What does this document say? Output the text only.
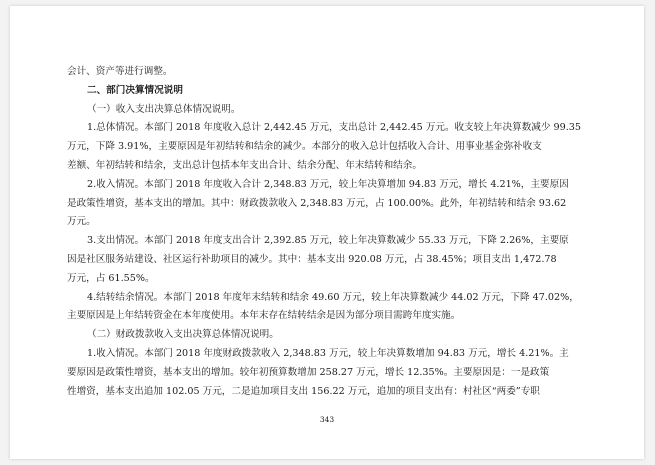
会计、资产等进行调整。
二、部门决算情况说明
（一）收入支出决算总体情况说明。
1.总体情况。本部门 2018 年度收入总计 2,442.45 万元，支出总计 2,442.45 万元。收支较上年决算数减少 99.35
万元，下降 3.91%，主要原因是年初结转和结余的减少。本部分的收入总计包括收入合计、用事业基金弥补收支
差额、年初结转和结余，支出总计包括本年支出合计、结余分配、年末结转和结余。
2.收入情况。本部门 2018 年度收入合计 2,348.83 万元，较上年决算增加 94.83 万元，增长 4.21%，主要原因
是政策性增资，基本支出的增加。其中：财政拨款收入 2,348.83 万元，占 100.00%。此外，年初结转和结余 93.62
万元。
3.支出情况。本部门 2018 年度支出合计 2,392.85 万元，较上年决算数减少 55.33 万元，下降 2.26%，主要原
因是社区服务站建设、社区运行补助项目的减少。其中：基本支出 920.08 万元，占 38.45%；项目支出 1,472.78
万元，占 61.55%。
4.结转结余情况。本部门 2018 年度年末结转和结余 49.60 万元，较上年决算数减少 44.02 万元，下降 47.02%，
主要原因是上年结转资金在本年度使用。本年末存在结转结余是因为部分项目需跨年度实施。
（二）财政拨款收入支出决算总体情况说明。
1.收入情况。本部门 2018 年度财政拨款收入 2,348.83 万元，较上年决算数增加 94.83 万元，增长 4.21%。主
要原因是政策性增资，基本支出的增加。较年初预算数增加 258.27 万元，增长 12.35%。主要原因是：一是政策
性增资，基本支出追加 102.05 万元，二是追加项目支出 156.22 万元，追加的项目支出有：村社区“两委”专职
343
